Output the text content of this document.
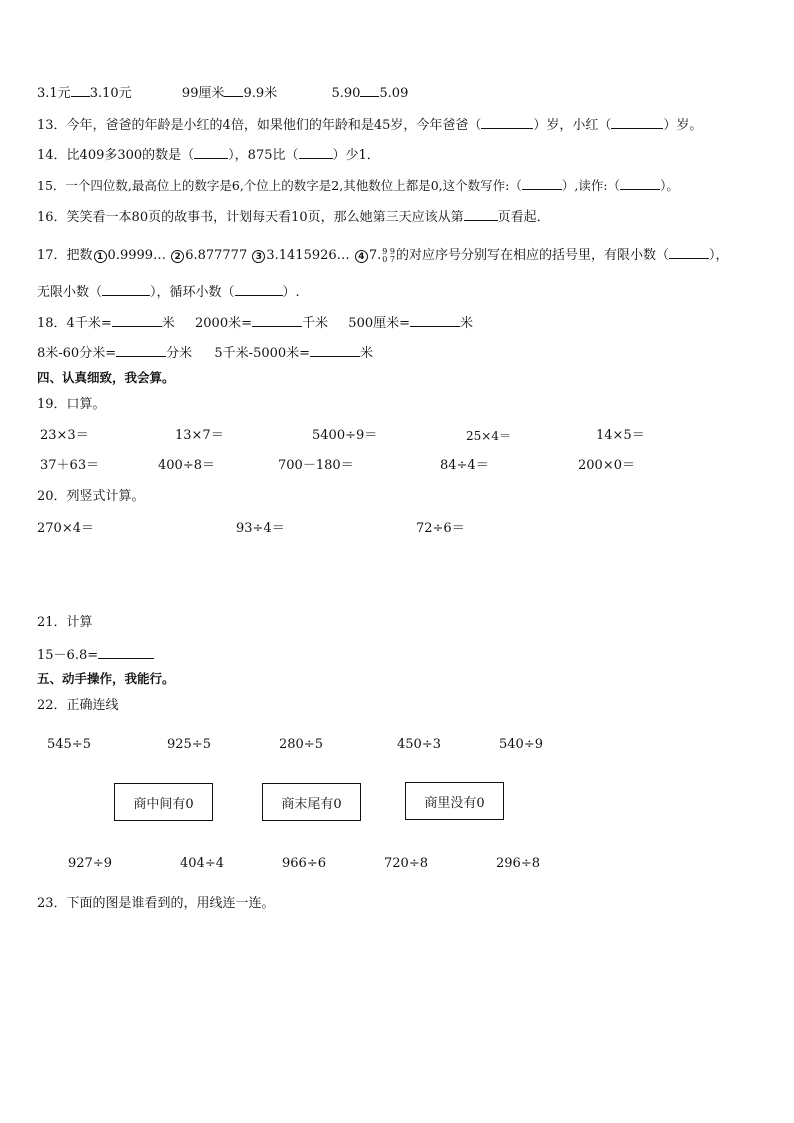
3.1元 3.10元	99厘米 9.9米	5.90 5.09
13．今年，爸爸的年龄是小红的4倍，如果他们的年龄和是45岁，今年爸爸（	）岁，小红（	）岁。
14．比409多300的数是（	），875比（	）少1．
15．一个四位数,最高位上的数字是6,个位上的数字是2,其他数位上都是0,这个数写作:（	）,读作:（	）。
16．笑笑看一本80页的故事书，计划每天看10页，那么她第三天应该从第	页看起．
17．把数 1 0.9999… 2 6.877777 3 3.1415926… 4 7. 9 9
0 7 的对应序号分别写在相应的括号里，有限小数（	），
无限小数（	），循环小数（	）.
18．4千米=	米 2000米=	千米 500厘米=	米
8米-60分米=	分米 5千米-5000米=	米
四、认真细致，我会算。
19．口算。
23×3＝	13×7＝	5400÷9＝	25×4＝	14×5＝
37＋63＝	400÷8＝	700－180＝	84÷4＝	200×0＝
20．列竖式计算。
270×4＝	93÷4＝	72÷6＝
21．计算
15－6.8=
五、动手操作，我能行。
22．正确连线
545÷5	925÷5	280÷5	450÷3	540÷9
商中间有0	商末尾有0	商里没有0
927÷9	404÷4	966÷6	720÷8	296÷8
23．下面的图是谁看到的，用线连一连。
